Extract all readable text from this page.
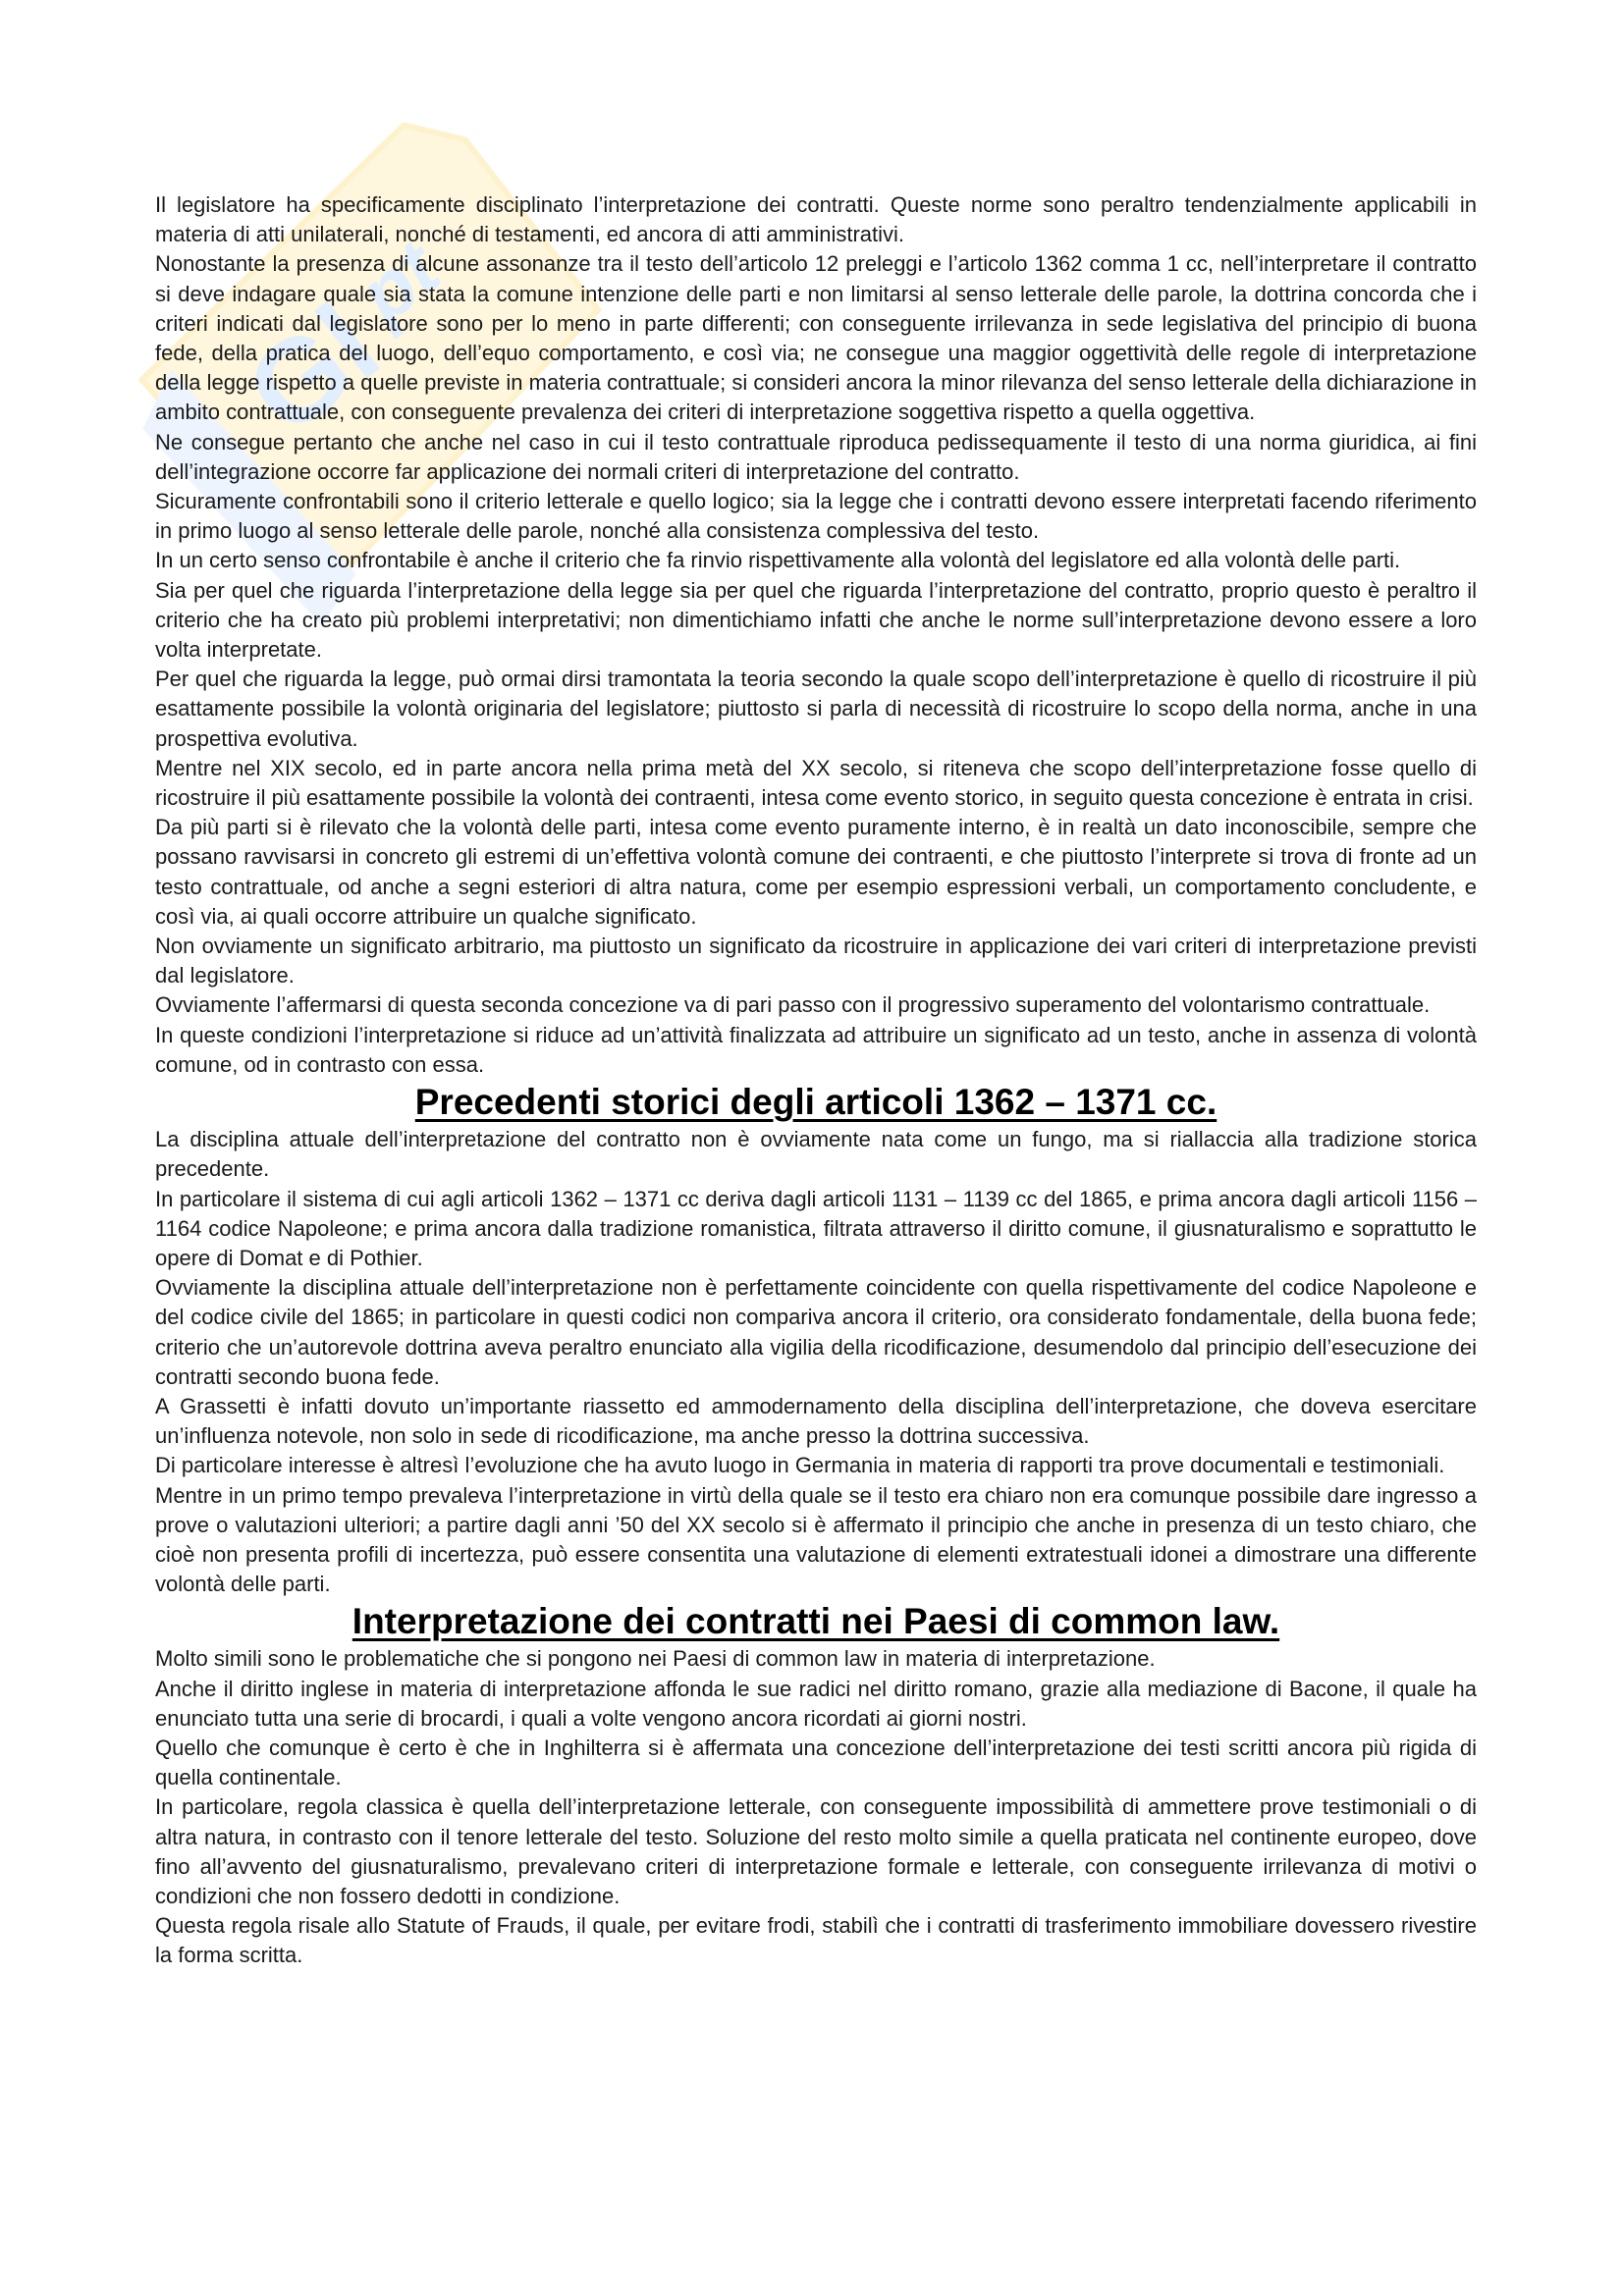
Gl
pt

Il legislatore ha specificamente disciplinato l’interpretazione dei contratti. Queste norme sono peraltro tendenzialmente applicabili in materia di atti unilaterali, nonché di testamenti, ed ancora di atti amministrativi.

Nonostante la presenza di alcune assonanze tra il testo dell’articolo 12 preleggi e l’articolo 1362 comma 1 cc, nell’interpretare il contratto si deve indagare quale sia stata la comune intenzione delle parti e non limitarsi al senso letterale delle parole, la dottrina concorda che i criteri indicati dal legislatore sono per lo meno in parte differenti; con conseguente irrilevanza in sede legislativa del principio di buona fede, della pratica del luogo, dell’equo comportamento, e così via; ne consegue una maggior oggettività delle regole di interpretazione della legge rispetto a quelle previste in materia contrattuale; si consideri ancora la minor rilevanza del senso letterale della dichiarazione in ambito contrattuale, con conseguente prevalenza dei criteri di interpretazione soggettiva rispetto a quella oggettiva.

Ne consegue pertanto che anche nel caso in cui il testo contrattuale riproduca pedissequamente il testo di una norma giuridica, ai fini dell’integrazione occorre far applicazione dei normali criteri di interpretazione del contratto.

Sicuramente confrontabili sono il criterio letterale e quello logico; sia la legge che i contratti devono essere interpretati facendo riferimento in primo luogo al senso letterale delle parole, nonché alla consistenza complessiva del testo.

In un certo senso confrontabile è anche il criterio che fa rinvio rispettivamente alla volontà del legislatore ed alla volontà delle parti.

Sia per quel che riguarda l’interpretazione della legge sia per quel che riguarda l’interpretazione del contratto, proprio questo è peraltro il criterio che ha creato più problemi interpretativi; non dimentichiamo infatti che anche le norme sull’interpretazione devono essere a loro volta interpretate.

Per quel che riguarda la legge, può ormai dirsi tramontata la teoria secondo la quale scopo dell’interpretazione è quello di ricostruire il più esattamente possibile la volontà originaria del legislatore; piuttosto si parla di necessità di ricostruire lo scopo della norma, anche in una prospettiva evolutiva.

Mentre nel XIX secolo, ed in parte ancora nella prima metà del XX secolo, si riteneva che scopo dell’interpretazione fosse quello di ricostruire il più esattamente possibile la volontà dei contraenti, intesa come evento storico, in seguito questa concezione è entrata in crisi.

Da più parti si è rilevato che la volontà delle parti, intesa come evento puramente interno, è in realtà un dato inconoscibile, sempre che possano ravvisarsi in concreto gli estremi di un’effettiva volontà comune dei contraenti, e che piuttosto l’interprete si trova di fronte ad un testo contrattuale, od anche a segni esteriori di altra natura, come per esempio espressioni verbali, un comportamento concludente, e così via, ai quali occorre attribuire un qualche significato.

Non ovviamente un significato arbitrario, ma piuttosto un significato da ricostruire in applicazione dei vari criteri di interpretazione previsti dal legislatore.

Ovviamente l’affermarsi di questa seconda concezione va di pari passo con il progressivo superamento del volontarismo contrattuale.

In queste condizioni l’interpretazione si riduce ad un’attività finalizzata ad attribuire un significato ad un testo, anche in assenza di volontà comune, od in contrasto con essa.

Precedenti storici degli articoli 1362 – 1371 cc.

La disciplina attuale dell’interpretazione del contratto non è ovviamente nata come un fungo, ma si riallaccia alla tradizione storica precedente.

In particolare il sistema di cui agli articoli 1362 – 1371 cc deriva dagli articoli 1131 – 1139 cc del 1865, e prima ancora dagli articoli 1156 – 1164 codice Napoleone; e prima ancora dalla tradizione romanistica, filtrata attraverso il diritto comune, il giusnaturalismo e soprattutto le opere di Domat e di Pothier.

Ovviamente la disciplina attuale dell’interpretazione non è perfettamente coincidente con quella rispettivamente del codice Napoleone e del codice civile del 1865; in particolare in questi codici non compariva ancora il criterio, ora considerato fondamentale, della buona fede; criterio che un’autorevole dottrina aveva peraltro enunciato alla vigilia della ricodificazione, desumendolo dal principio dell’esecuzione dei contratti secondo buona fede.

A Grassetti è infatti dovuto un’importante riassetto ed ammodernamento della disciplina dell’interpretazione, che doveva esercitare un’influenza notevole, non solo in sede di ricodificazione, ma anche presso la dottrina successiva.

Di particolare interesse è altresì l’evoluzione che ha avuto luogo in Germania in materia di rapporti tra prove documentali e testimoniali.

Mentre in un primo tempo prevaleva l’interpretazione in virtù della quale se il testo era chiaro non era comunque possibile dare ingresso a prove o valutazioni ulteriori; a partire dagli anni ’50 del XX secolo si è affermato il principio che anche in presenza di un testo chiaro, che cioè non presenta profili di incertezza, può essere consentita una valutazione di elementi extratestuali idonei a dimostrare una differente volontà delle parti.

Interpretazione dei contratti nei Paesi di common law.

Molto simili sono le problematiche che si pongono nei Paesi di common law in materia di interpretazione.

Anche il diritto inglese in materia di interpretazione affonda le sue radici nel diritto romano, grazie alla mediazione di Bacone, il quale ha enunciato tutta una serie di brocardi, i quali a volte vengono ancora ricordati ai giorni nostri.

Quello che comunque è certo è che in Inghilterra si è affermata una concezione dell’interpretazione dei testi scritti ancora più rigida di quella continentale.

In particolare, regola classica è quella dell’interpretazione letterale, con conseguente impossibilità di ammettere prove testimoniali o di altra natura, in contrasto con il tenore letterale del testo. Soluzione del resto molto simile a quella praticata nel continente europeo, dove fino all’avvento del giusnaturalismo, prevalevano criteri di interpretazione formale e letterale, con conseguente irrilevanza di motivi o condizioni che non fossero dedotti in condizione.

Questa regola risale allo Statute of Frauds, il quale, per evitare frodi, stabilì che i contratti di trasferimento immobiliare dovessero rivestire la forma scritta.
